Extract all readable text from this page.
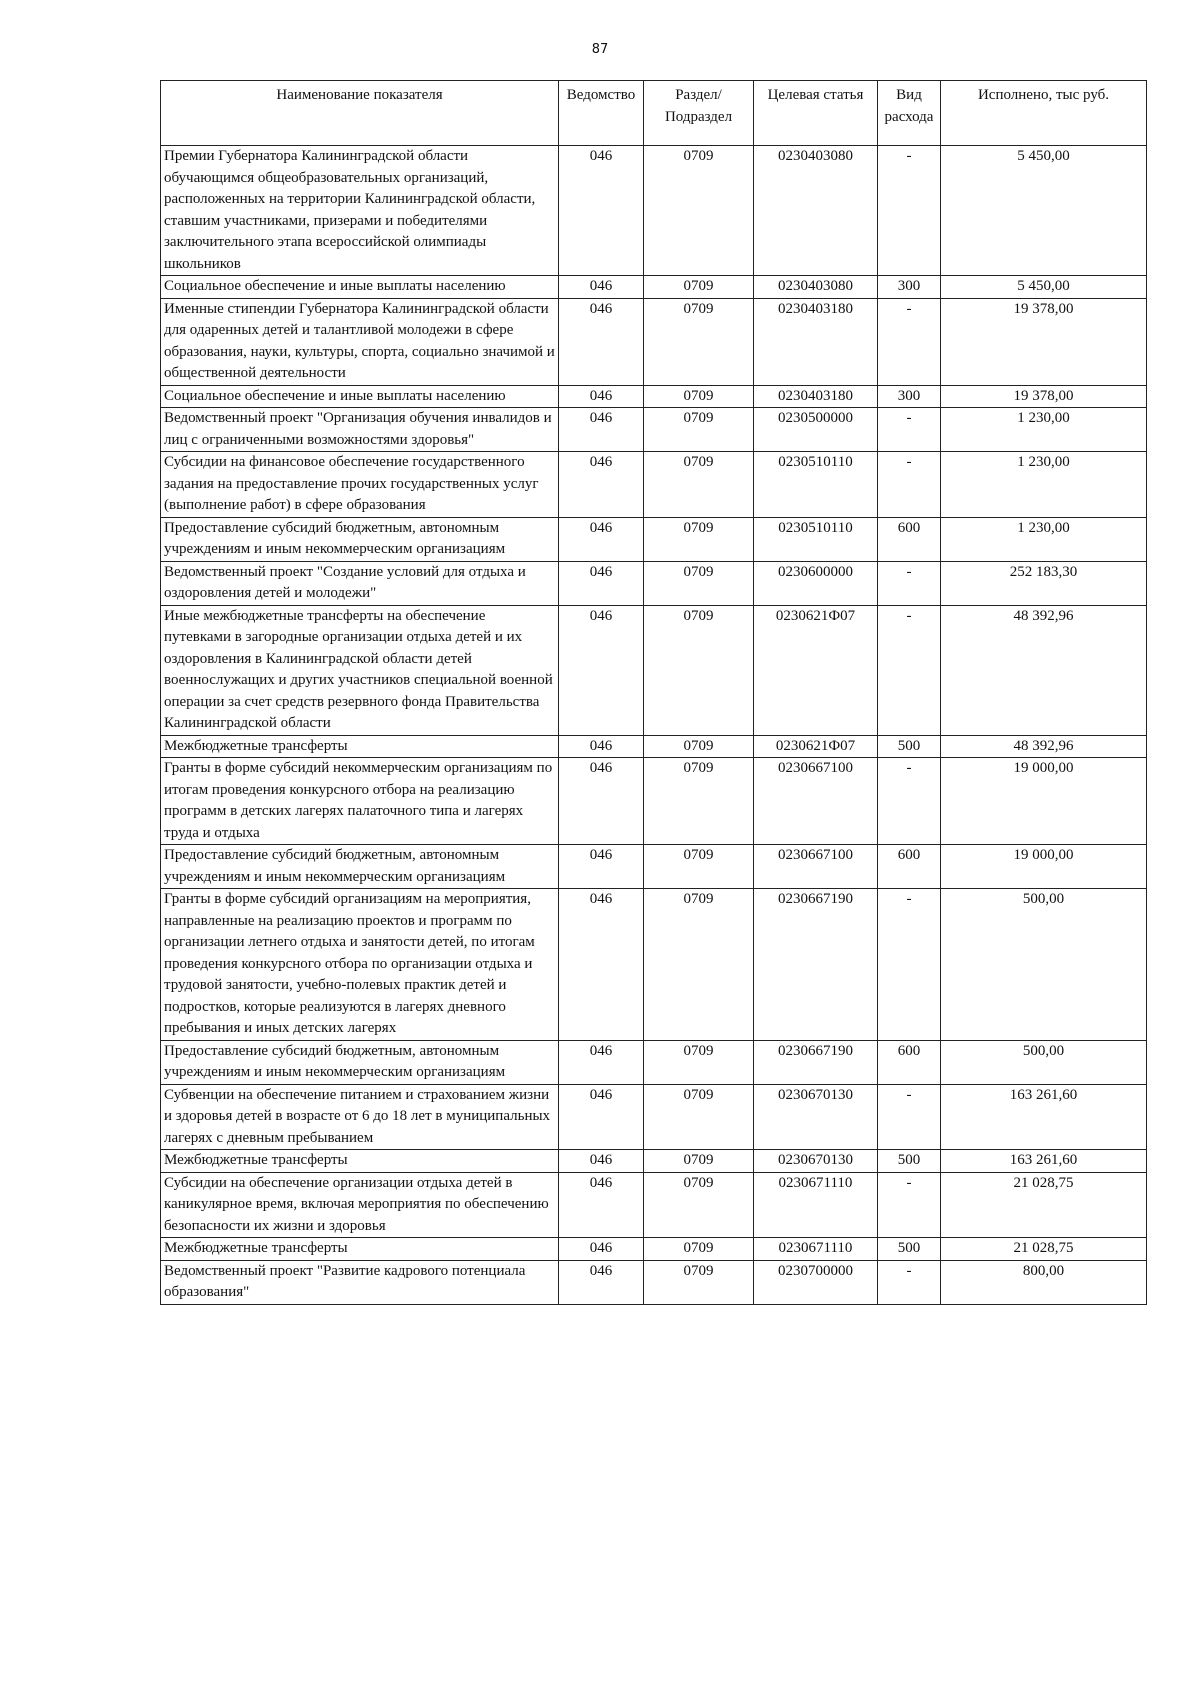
87
Наименование показателя	Ведомство	Раздел/ Подраздел	Целевая статья	Вид расхода	Исполнено, тыс руб.
Премии Губернатора Калининградской области обучающимся общеобразовательных организаций, расположенных на территории Калининградской области, ставшим участниками, призерами и победителями заключительного этапа всероссийской олимпиады школьников	046	0709	0230403080	-	5 450,00
Социальное обеспечение и иные выплаты населению	046	0709	0230403080	300	5 450,00
Именные стипендии Губернатора Калининградской области для одаренных детей и талантливой молодежи в сфере образования, науки, культуры, спорта, социально значимой и общественной деятельности	046	0709	0230403180	-	19 378,00
Социальное обеспечение и иные выплаты населению	046	0709	0230403180	300	19 378,00
Ведомственный проект "Организация обучения инвалидов и лиц с ограниченными возможностями здоровья"	046	0709	0230500000	-	1 230,00
Субсидии на финансовое обеспечение государственного задания на предоставление прочих государственных услуг (выполнение работ) в сфере образования	046	0709	0230510110	-	1 230,00
Предоставление субсидий бюджетным, автономным учреждениям и иным некоммерческим организациям	046	0709	0230510110	600	1 230,00
Ведомственный проект "Создание условий для отдыха и оздоровления детей и молодежи"	046	0709	0230600000	-	252 183,30
Иные межбюджетные трансферты на обеспечение путевками в загородные организации отдыха детей и их оздоровления в Калининградской области детей военнослужащих и других участников специальной военной операции за счет средств резервного фонда Правительства Калининградской области	046	0709	0230621Ф07	-	48 392,96
Межбюджетные трансферты	046	0709	0230621Ф07	500	48 392,96
Гранты в форме субсидий некоммерческим организациям по итогам проведения конкурсного отбора на реализацию программ в детских лагерях палаточного типа и лагерях труда и отдыха	046	0709	0230667100	-	19 000,00
Предоставление субсидий бюджетным, автономным учреждениям и иным некоммерческим организациям	046	0709	0230667100	600	19 000,00
Гранты в форме субсидий организациям на мероприятия, направленные на реализацию проектов и программ по организации летнего отдыха и занятости детей, по итогам проведения конкурсного отбора по организации отдыха и трудовой занятости, учебно-полевых практик детей и подростков, которые реализуются в лагерях дневного пребывания и иных детских лагерях	046	0709	0230667190	-	500,00
Предоставление субсидий бюджетным, автономным учреждениям и иным некоммерческим организациям	046	0709	0230667190	600	500,00
Субвенции на обеспечение питанием и страхованием жизни и здоровья детей в возрасте от 6 до 18 лет в муниципальных лагерях с дневным пребыванием	046	0709	0230670130	-	163 261,60
Межбюджетные трансферты	046	0709	0230670130	500	163 261,60
Субсидии на обеспечение организации отдыха детей в каникулярное время, включая мероприятия по обеспечению безопасности их жизни и здоровья	046	0709	0230671110	-	21 028,75
Межбюджетные трансферты	046	0709	0230671110	500	21 028,75
Ведомственный проект "Развитие кадрового потенциала образования"	046	0709	0230700000	-	800,00
